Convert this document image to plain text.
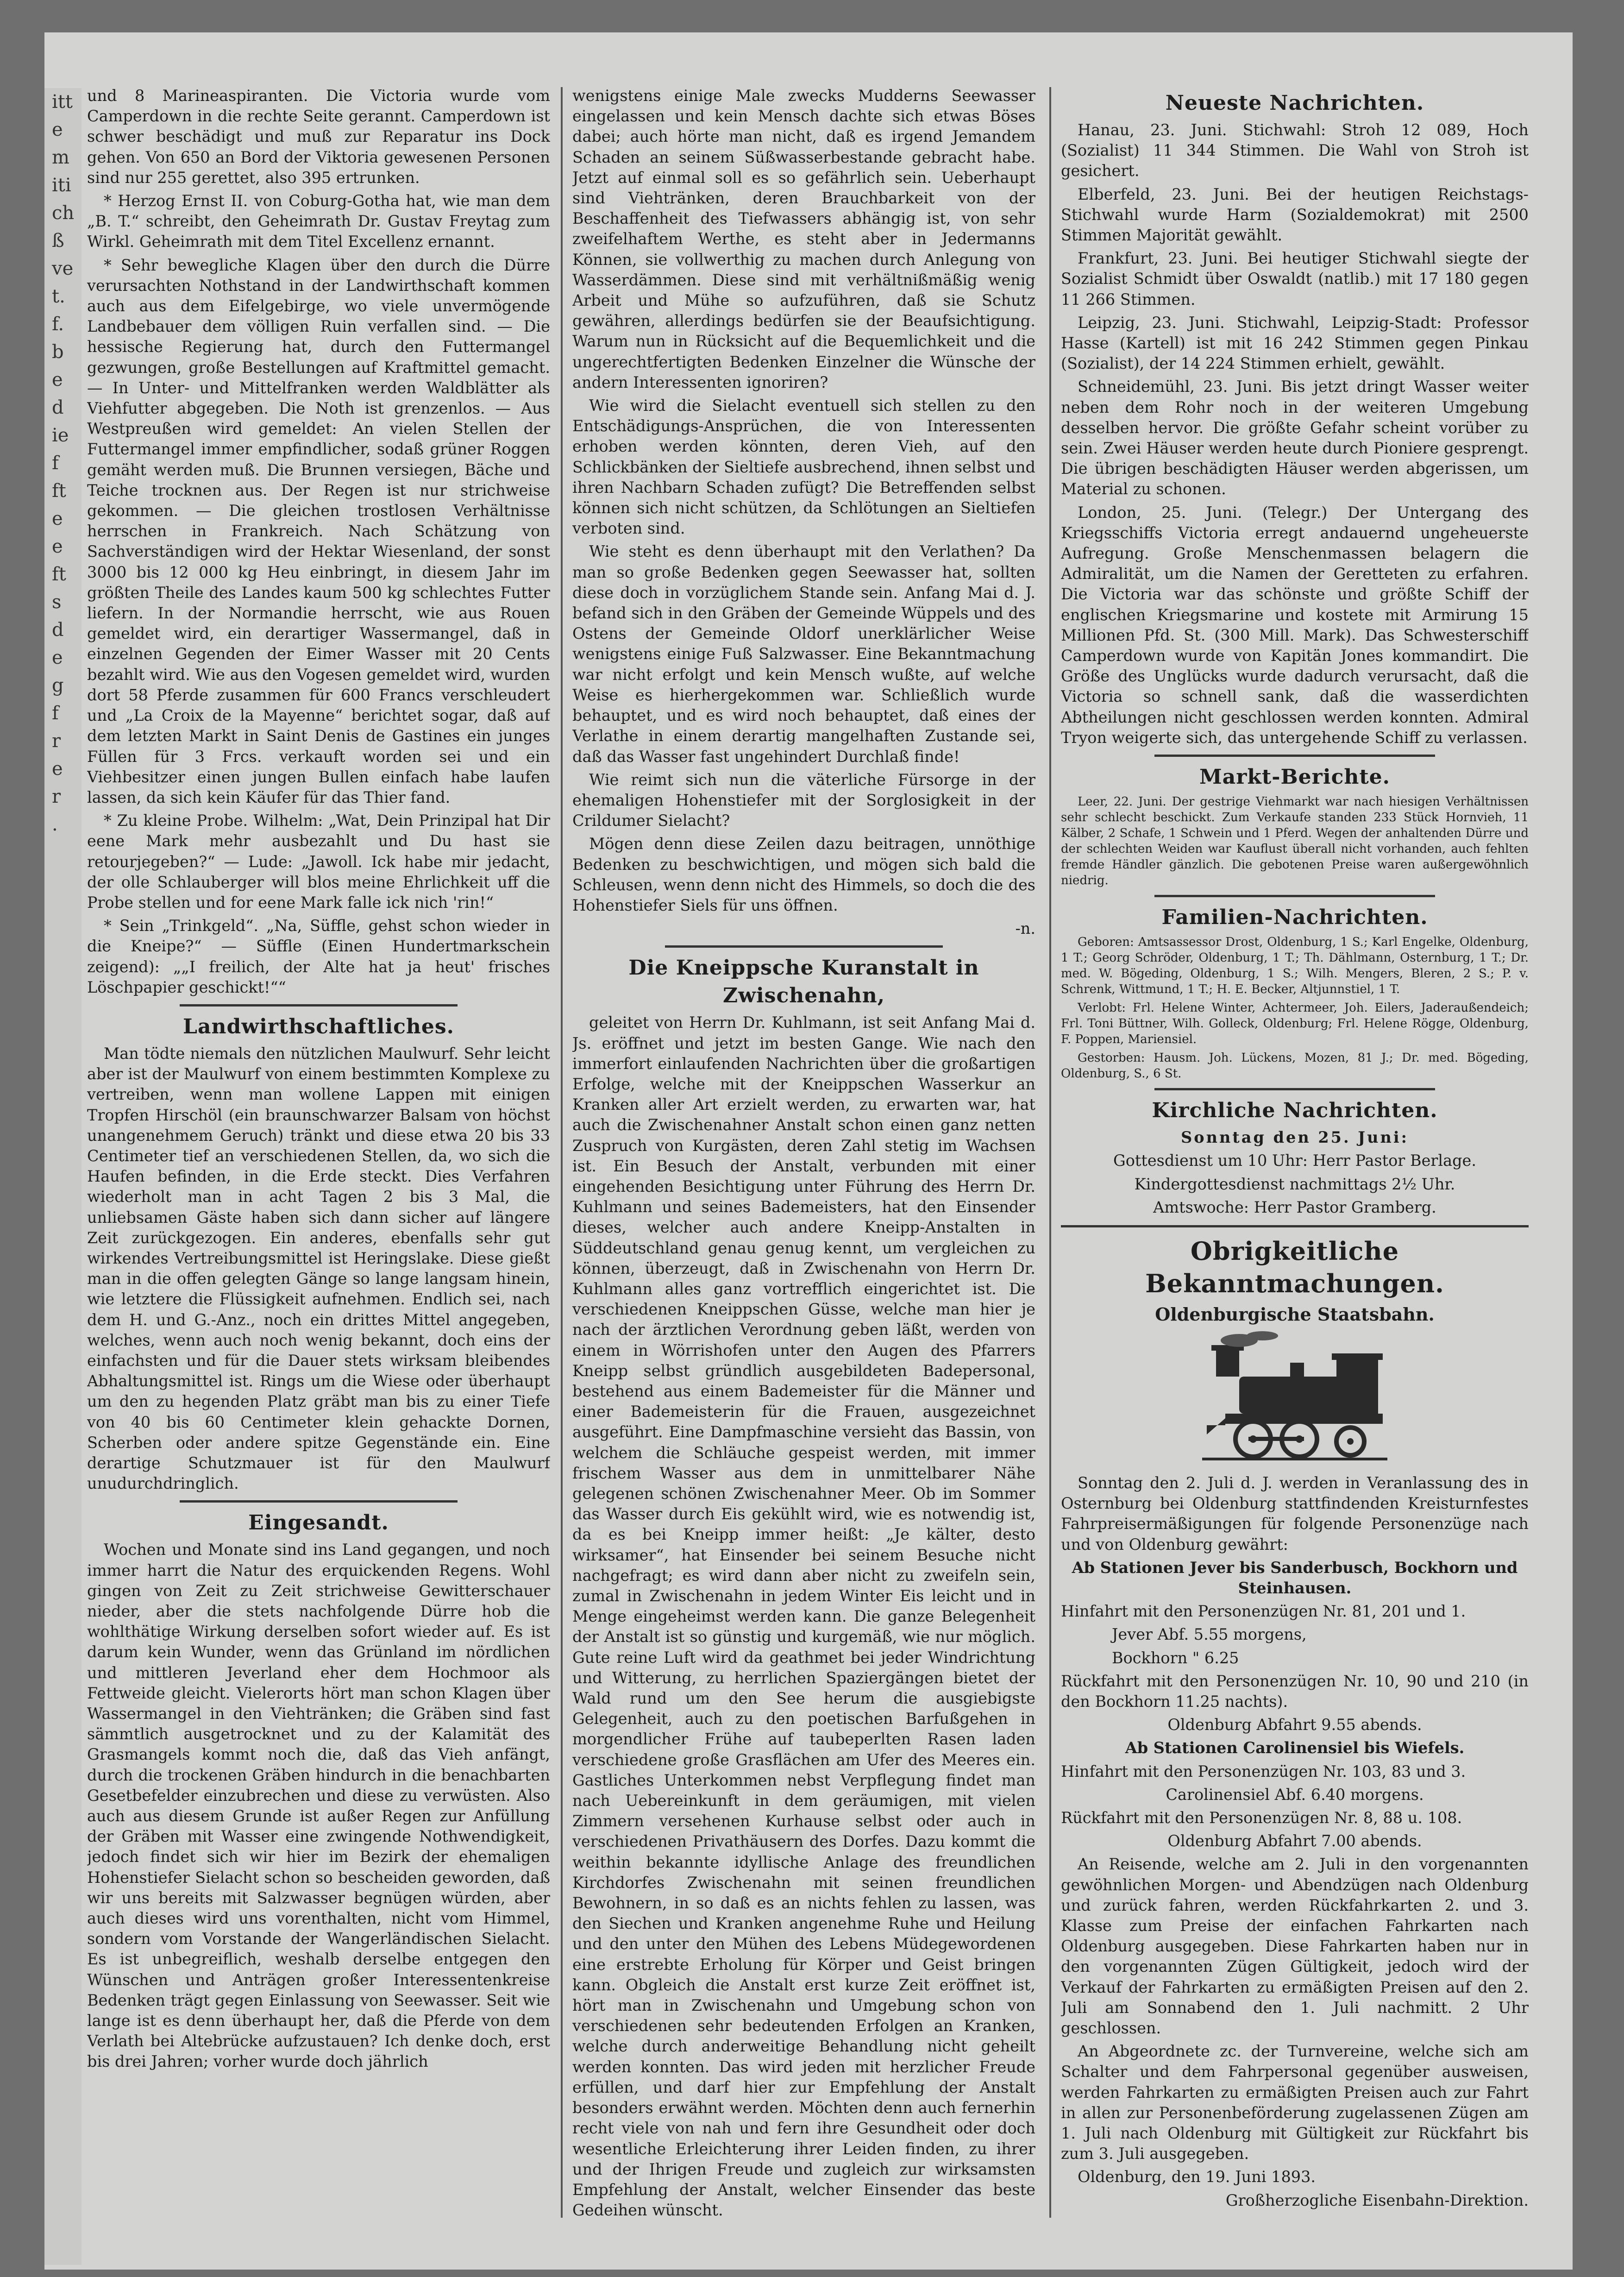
itt
e
m
iti
ch
ß
ve
t.
f.
b
e
d
ie
f
ft
e
e
ft
s
d
e
g
f
r
e
r
.

und 8 Marineaspiranten. Die Victoria wurde vom Camperdown in die rechte Seite gerannt. Camperdown ist schwer beschädigt und muß zur Reparatur ins Dock gehen. Von 650 an Bord der Viktoria gewesenen Personen sind nur 255 gerettet, also 395 ertrunken.

* Herzog Ernst II. von Coburg-Gotha hat, wie man dem „B. T.“ schreibt, den Geheimrath Dr. Gustav Freytag zum Wirkl. Geheimrath mit dem Titel Excellenz ernannt.

* Sehr bewegliche Klagen über den durch die Dürre verursachten Nothstand in der Landwirthschaft kommen auch aus dem Eifelgebirge, wo viele unvermögende Landbebauer dem völligen Ruin verfallen sind. — Die hessische Regierung hat, durch den Futtermangel gezwungen, große Bestellungen auf Kraftmittel gemacht. — In Unter- und Mittelfranken werden Waldblätter als Viehfutter abgegeben. Die Noth ist grenzenlos. — Aus Westpreußen wird gemeldet: An vielen Stellen der Futtermangel immer empfindlicher, sodaß grüner Roggen gemäht werden muß. Die Brunnen versiegen, Bäche und Teiche trocknen aus. Der Regen ist nur strichweise gekommen. — Die gleichen trostlosen Verhältnisse herrschen in Frankreich. Nach Schätzung von Sachverständigen wird der Hektar Wiesenland, der sonst 3000 bis 12 000 kg Heu einbringt, in diesem Jahr im größten Theile des Landes kaum 500 kg schlechtes Futter liefern. In der Normandie herrscht, wie aus Rouen gemeldet wird, ein derartiger Wassermangel, daß in einzelnen Gegenden der Eimer Wasser mit 20 Cents bezahlt wird. Wie aus den Vogesen gemeldet wird, wurden dort 58 Pferde zusammen für 600 Francs verschleudert und „La Croix de la Mayenne“ berichtet sogar, daß auf dem letzten Markt in Saint Denis de Gastines ein junges Füllen für 3 Frcs. verkauft worden sei und ein Viehbesitzer einen jungen Bullen einfach habe laufen lassen, da sich kein Käufer für das Thier fand.

* Zu kleine Probe. Wilhelm: „Wat, Dein Prinzipal hat Dir eene Mark mehr ausbezahlt und Du hast sie retourjegeben?“ — Lude: „Jawoll. Ick habe mir jedacht, der olle Schlauberger will blos meine Ehrlichkeit uff die Probe stellen und for eene Mark falle ick nich 'rin!“

* Sein „Trinkgeld“. „Na, Süffle, gehst schon wieder in die Kneipe?“ — Süffle (Einen Hundertmarkschein zeigend): „„I freilich, der Alte hat ja heut' frisches Löschpapier geschickt!““

Landwirthschaftliches.

Man tödte niemals den nützlichen Maulwurf. Sehr leicht aber ist der Maulwurf von einem bestimmten Komplexe zu vertreiben, wenn man wollene Lappen mit einigen Tropfen Hirschöl (ein braunschwarzer Balsam von höchst unangenehmem Geruch) tränkt und diese etwa 20 bis 33 Centimeter tief an verschiedenen Stellen, da, wo sich die Haufen befinden, in die Erde steckt. Dies Verfahren wiederholt man in acht Tagen 2 bis 3 Mal, die unliebsamen Gäste haben sich dann sicher auf längere Zeit zurückgezogen. Ein anderes, ebenfalls sehr gut wirkendes Vertreibungsmittel ist Heringslake. Diese gießt man in die offen gelegten Gänge so lange langsam hinein, wie letztere die Flüssigkeit aufnehmen. Endlich sei, nach dem H. und G.-Anz., noch ein drittes Mittel angegeben, welches, wenn auch noch wenig bekannt, doch eins der einfachsten und für die Dauer stets wirksam bleibendes Abhaltungsmittel ist. Rings um die Wiese oder überhaupt um den zu hegenden Platz gräbt man bis zu einer Tiefe von 40 bis 60 Centimeter klein gehackte Dornen, Scherben oder andere spitze Gegenstände ein. Eine derartige Schutzmauer ist für den Maulwurf unudurchdringlich.

Eingesandt.

Wochen und Monate sind ins Land gegangen, und noch immer harrt die Natur des erquickenden Regens. Wohl gingen von Zeit zu Zeit strichweise Gewitterschauer nieder, aber die stets nachfolgende Dürre hob die wohlthätige Wirkung derselben sofort wieder auf. Es ist darum kein Wunder, wenn das Grünland im nördlichen und mittleren Jeverland eher dem Hochmoor als Fettweide gleicht. Vielerorts hört man schon Klagen über Wassermangel in den Viehtränken; die Gräben sind fast sämmtlich ausgetrocknet und zu der Kalamität des Grasmangels kommt noch die, daß das Vieh anfängt, durch die trockenen Gräben hindurch in die benachbarten Gesetbefelder einzubrechen und diese zu verwüsten. Also auch aus diesem Grunde ist außer Regen zur Anfüllung der Gräben mit Wasser eine zwingende Nothwendigkeit, jedoch findet sich wir hier im Bezirk der ehemaligen Hohenstiefer Sielacht schon so bescheiden geworden, daß wir uns bereits mit Salzwasser begnügen würden, aber auch dieses wird uns vorenthalten, nicht vom Himmel, sondern vom Vorstande der Wangerländischen Sielacht. Es ist unbegreiflich, weshalb derselbe entgegen den Wünschen und Anträgen großer Interessentenkreise Bedenken trägt gegen Einlassung von Seewasser. Seit wie lange ist es denn überhaupt her, daß die Pferde von dem Verlath bei Altebrücke aufzustauen? Ich denke doch, erst bis drei Jahren; vorher wurde doch jährlich

wenigstens einige Male zwecks Mudderns Seewasser eingelassen und kein Mensch dachte sich etwas Böses dabei; auch hörte man nicht, daß es irgend Jemandem Schaden an seinem Süßwasserbestande gebracht habe. Jetzt auf einmal soll es so gefährlich sein. Ueberhaupt sind Viehtränken, deren Brauchbarkeit von der Beschaffenheit des Tiefwassers abhängig ist, von sehr zweifelhaftem Werthe, es steht aber in Jedermanns Können, sie vollwerthig zu machen durch Anlegung von Wasserdämmen. Diese sind mit verhältnißmäßig wenig Arbeit und Mühe so aufzuführen, daß sie Schutz gewähren, allerdings bedürfen sie der Beaufsichtigung. Warum nun in Rücksicht auf die Bequemlichkeit und die ungerechtfertigten Bedenken Einzelner die Wünsche der andern Interessenten ignoriren?

Wie wird die Sielacht eventuell sich stellen zu den Entschädigungs-Ansprüchen, die von Interessenten erhoben werden könnten, deren Vieh, auf den Schlickbänken der Sieltiefe ausbrechend, ihnen selbst und ihren Nachbarn Schaden zufügt? Die Betreffenden selbst können sich nicht schützen, da Schlötungen an Sieltiefen verboten sind.

Wie steht es denn überhaupt mit den Verlathen? Da man so große Bedenken gegen Seewasser hat, sollten diese doch in vorzüglichem Stande sein. Anfang Mai d. J. befand sich in den Gräben der Gemeinde Wüppels und des Ostens der Gemeinde Oldorf unerklärlicher Weise wenigstens einige Fuß Salzwasser. Eine Bekanntmachung war nicht erfolgt und kein Mensch wußte, auf welche Weise es hierhergekommen war. Schließlich wurde behauptet, und es wird noch behauptet, daß eines der Verlathe in einem derartig mangelhaften Zustande sei, daß das Wasser fast ungehindert Durchlaß finde!

Wie reimt sich nun die väterliche Fürsorge in der ehemaligen Hohenstiefer mit der Sorglosigkeit in der Crildumer Sielacht?

Mögen denn diese Zeilen dazu beitragen, unnöthige Bedenken zu beschwichtigen, und mögen sich bald die Schleusen, wenn denn nicht des Himmels, so doch die des Hohenstiefer Siels für uns öffnen.

-n.

Die Kneippsche Kuranstalt in Zwischenahn,

geleitet von Herrn Dr. Kuhlmann, ist seit Anfang Mai d. Js. eröffnet und jetzt im besten Gange. Wie nach den immerfort einlaufenden Nachrichten über die großartigen Erfolge, welche mit der Kneippschen Wasserkur an Kranken aller Art erzielt werden, zu erwarten war, hat auch die Zwischenahner Anstalt schon einen ganz netten Zuspruch von Kurgästen, deren Zahl stetig im Wachsen ist. Ein Besuch der Anstalt, verbunden mit einer eingehenden Besichtigung unter Führung des Herrn Dr. Kuhlmann und seines Bademeisters, hat den Einsender dieses, welcher auch andere Kneipp-Anstalten in Süddeutschland genau genug kennt, um vergleichen zu können, überzeugt, daß in Zwischenahn von Herrn Dr. Kuhlmann alles ganz vortrefflich eingerichtet ist. Die verschiedenen Kneippschen Güsse, welche man hier je nach der ärztlichen Verordnung geben läßt, werden von einem in Wörrishofen unter den Augen des Pfarrers Kneipp selbst gründlich ausgebildeten Badepersonal, bestehend aus einem Bademeister für die Männer und einer Bademeisterin für die Frauen, ausgezeichnet ausgeführt. Eine Dampfmaschine versieht das Bassin, von welchem die Schläuche gespeist werden, mit immer frischem Wasser aus dem in unmittelbarer Nähe gelegenen schönen Zwischenahner Meer. Ob im Sommer das Wasser durch Eis gekühlt wird, wie es notwendig ist, da es bei Kneipp immer heißt: „Je kälter, desto wirksamer“, hat Einsender bei seinem Besuche nicht nachgefragt; es wird dann aber nicht zu zweifeln sein, zumal in Zwischenahn in jedem Winter Eis leicht und in Menge eingeheimst werden kann. Die ganze Belegenheit der Anstalt ist so günstig und kurgemäß, wie nur möglich. Gute reine Luft wird da geathmet bei jeder Windrichtung und Witterung, zu herrlichen Spaziergängen bietet der Wald rund um den See herum die ausgiebigste Gelegenheit, auch zu den poetischen Barfußgehen in morgendlicher Frühe auf taubeperlten Rasen laden verschiedene große Grasflächen am Ufer des Meeres ein. Gastliches Unterkommen nebst Verpflegung findet man nach Uebereinkunft in dem geräumigen, mit vielen Zimmern versehenen Kurhause selbst oder auch in verschiedenen Privathäusern des Dorfes. Dazu kommt die weithin bekannte idyllische Anlage des freundlichen Kirchdorfes Zwischenahn mit seinen freundlichen Bewohnern, in so daß es an nichts fehlen zu lassen, was den Siechen und Kranken angenehme Ruhe und Heilung und den unter den Mühen des Lebens Müdegewordenen eine erstrebte Erholung für Körper und Geist bringen kann. Obgleich die Anstalt erst kurze Zeit eröffnet ist, hört man in Zwischenahn und Umgebung schon von verschiedenen sehr bedeutenden Erfolgen an Kranken, welche durch anderweitige Behandlung nicht geheilt werden konnten. Das wird jeden mit herzlicher Freude erfüllen, und darf hier zur Empfehlung der Anstalt besonders erwähnt werden. Möchten denn auch fernerhin recht viele von nah und fern ihre Gesundheit oder doch wesentliche Erleichterung ihrer Leiden finden, zu ihrer und der Ihrigen Freude und zugleich zur wirksamsten Empfehlung der Anstalt, welcher Einsender das beste Gedeihen wünscht.

Neueste Nachrichten.

Hanau, 23. Juni. Stichwahl: Stroh 12 089, Hoch (Sozialist) 11 344 Stimmen. Die Wahl von Stroh ist gesichert.

Elberfeld, 23. Juni. Bei der heutigen Reichstags-Stichwahl wurde Harm (Sozialdemokrat) mit 2500 Stimmen Majorität gewählt.

Frankfurt, 23. Juni. Bei heutiger Stichwahl siegte der Sozialist Schmidt über Oswaldt (natlib.) mit 17 180 gegen 11 266 Stimmen.

Leipzig, 23. Juni. Stichwahl, Leipzig-Stadt: Professor Hasse (Kartell) ist mit 16 242 Stimmen gegen Pinkau (Sozialist), der 14 224 Stimmen erhielt, gewählt.

Schneidemühl, 23. Juni. Bis jetzt dringt Wasser weiter neben dem Rohr noch in der weiteren Umgebung desselben hervor. Die größte Gefahr scheint vorüber zu sein. Zwei Häuser werden heute durch Pioniere gesprengt. Die übrigen beschädigten Häuser werden abgerissen, um Material zu schonen.

London, 25. Juni. (Telegr.) Der Untergang des Kriegsschiffs Victoria erregt andauernd ungeheuerste Aufregung. Große Menschenmassen belagern die Admiralität, um die Namen der Geretteten zu erfahren. Die Victoria war das schönste und größte Schiff der englischen Kriegsmarine und kostete mit Armirung 15 Millionen Pfd. St. (300 Mill. Mark). Das Schwesterschiff Camperdown wurde von Kapitän Jones kommandirt. Die Größe des Unglücks wurde dadurch verursacht, daß die Victoria so schnell sank, daß die wasserdichten Abtheilungen nicht geschlossen werden konnten. Admiral Tryon weigerte sich, das untergehende Schiff zu verlassen.

Markt-Berichte.

Leer, 22. Juni. Der gestrige Viehmarkt war nach hiesigen Verhältnissen sehr schlecht beschickt. Zum Verkaufe standen 233 Stück Hornvieh, 11 Kälber, 2 Schafe, 1 Schwein und 1 Pferd. Wegen der anhaltenden Dürre und der schlechten Weiden war Kauflust überall nicht vorhanden, auch fehlten fremde Händler gänzlich. Die gebotenen Preise waren außergewöhnlich niedrig.

Familien-Nachrichten.

Geboren: Amtsassessor Drost, Oldenburg, 1 S.; Karl Engelke, Oldenburg, 1 T.; Georg Schröder, Oldenburg, 1 T.; Th. Dählmann, Osternburg, 1 T.; Dr. med. W. Bögeding, Oldenburg, 1 S.; Wilh. Mengers, Bleren, 2 S.; P. v. Schrenk, Wittmund, 1 T.; H. E. Becker, Altjunnstiel, 1 T.

Verlobt: Frl. Helene Winter, Achtermeer, Joh. Eilers, Jaderaußendeich; Frl. Toni Büttner, Wilh. Golleck, Oldenburg; Frl. Helene Rögge, Oldenburg, F. Poppen, Mariensiel.

Gestorben: Hausm. Joh. Lückens, Mozen, 81 J.; Dr. med. Bögeding, Oldenburg, S., 6 St.

Kirchliche Nachrichten.

Sonntag den 25. Juni:

Gottesdienst um 10 Uhr: Herr Pastor Berlage.

Kindergottesdienst nachmittags 2½ Uhr.

Amtswoche: Herr Pastor Gramberg.

Obrigkeitliche Bekanntmachungen.
Oldenburgische Staatsbahn.

Sonntag den 2. Juli d. J. werden in Veranlassung des in Osternburg bei Oldenburg stattfindenden Kreisturnfestes Fahrpreisermäßigungen für folgende Personenzüge nach und von Oldenburg gewährt:

Ab Stationen Jever bis Sanderbusch, Bockhorn und Steinhausen.

Hinfahrt mit den Personenzügen Nr. 81, 201 und 1.

Jever Abf. 5.55 morgens,

Bockhorn " 6.25

Rückfahrt mit den Personenzügen Nr. 10, 90 und 210 (in den Bockhorn 11.25 nachts).

Oldenburg Abfahrt 9.55 abends.

Ab Stationen Carolinensiel bis Wiefels.

Hinfahrt mit den Personenzügen Nr. 103, 83 und 3.

Carolinensiel Abf. 6.40 morgens.

Rückfahrt mit den Personenzügen Nr. 8, 88 u. 108.

Oldenburg Abfahrt 7.00 abends.

An Reisende, welche am 2. Juli in den vorgenannten gewöhnlichen Morgen- und Abendzügen nach Oldenburg und zurück fahren, werden Rückfahrkarten 2. und 3. Klasse zum Preise der einfachen Fahrkarten nach Oldenburg ausgegeben. Diese Fahrkarten haben nur in den vorgenannten Zügen Gültigkeit, jedoch wird der Verkauf der Fahrkarten zu ermäßigten Preisen auf den 2. Juli am Sonnabend den 1. Juli nachmitt. 2 Uhr geschlossen.

An Abgeordnete zc. der Turnvereine, welche sich am Schalter und dem Fahrpersonal gegenüber ausweisen, werden Fahrkarten zu ermäßigten Preisen auch zur Fahrt in allen zur Personenbeförderung zugelassenen Zügen am 1. Juli nach Oldenburg mit Gültigkeit zur Rückfahrt bis zum 3. Juli ausgegeben.

Oldenburg, den 19. Juni 1893.

Großherzogliche Eisenbahn-Direktion.
